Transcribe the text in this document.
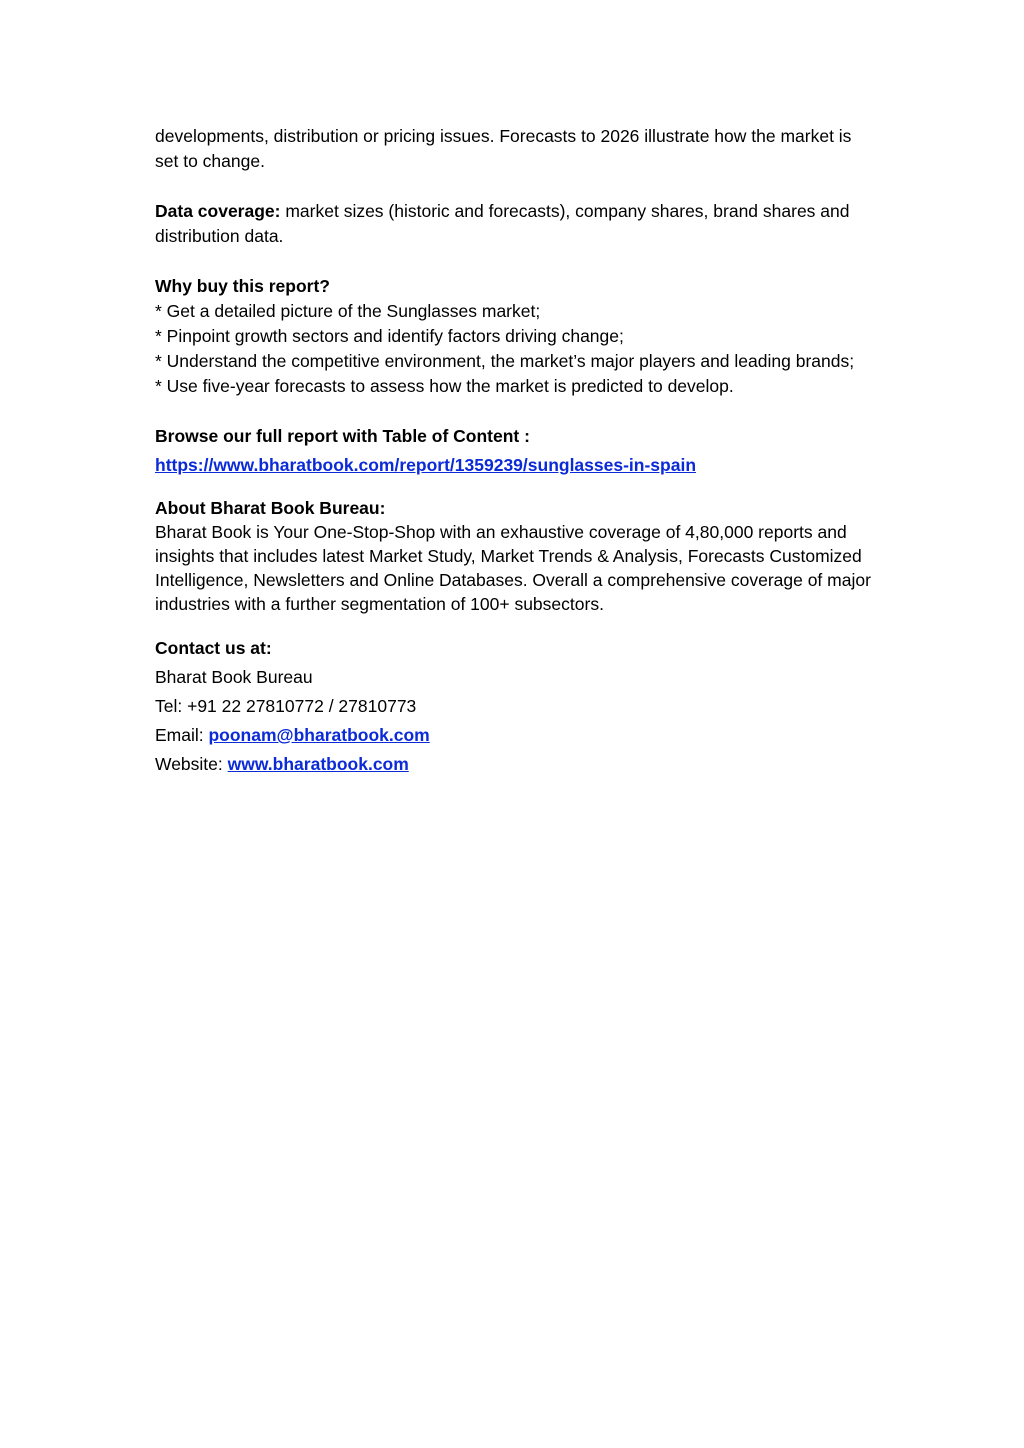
developments, distribution or pricing issues. Forecasts to 2026 illustrate how the market is set to change.

Data coverage: market sizes (historic and forecasts), company shares, brand shares and distribution data.

Why buy this report?
* Get a detailed picture of the Sunglasses market;
* Pinpoint growth sectors and identify factors driving change;
* Understand the competitive environment, the market’s major players and leading brands;
* Use five-year forecasts to assess how the market is predicted to develop.
Browse our full report with Table of Content :
https://www.bharatbook.com/report/1359239/sunglasses-in-spain
About Bharat Book Bureau:

Bharat Book is Your One-Stop-Shop with an exhaustive coverage of 4,80,000 reports and insights that includes latest Market Study, Market Trends & Analysis, Forecasts Customized Intelligence, Newsletters and Online Databases. Overall a comprehensive coverage of major industries with a further segmentation of 100+ subsectors.

Contact us at:
Bharat Book Bureau
Tel: +91 22 27810772 / 27810773
Email: poonam@bharatbook.com
Website: www.bharatbook.com
